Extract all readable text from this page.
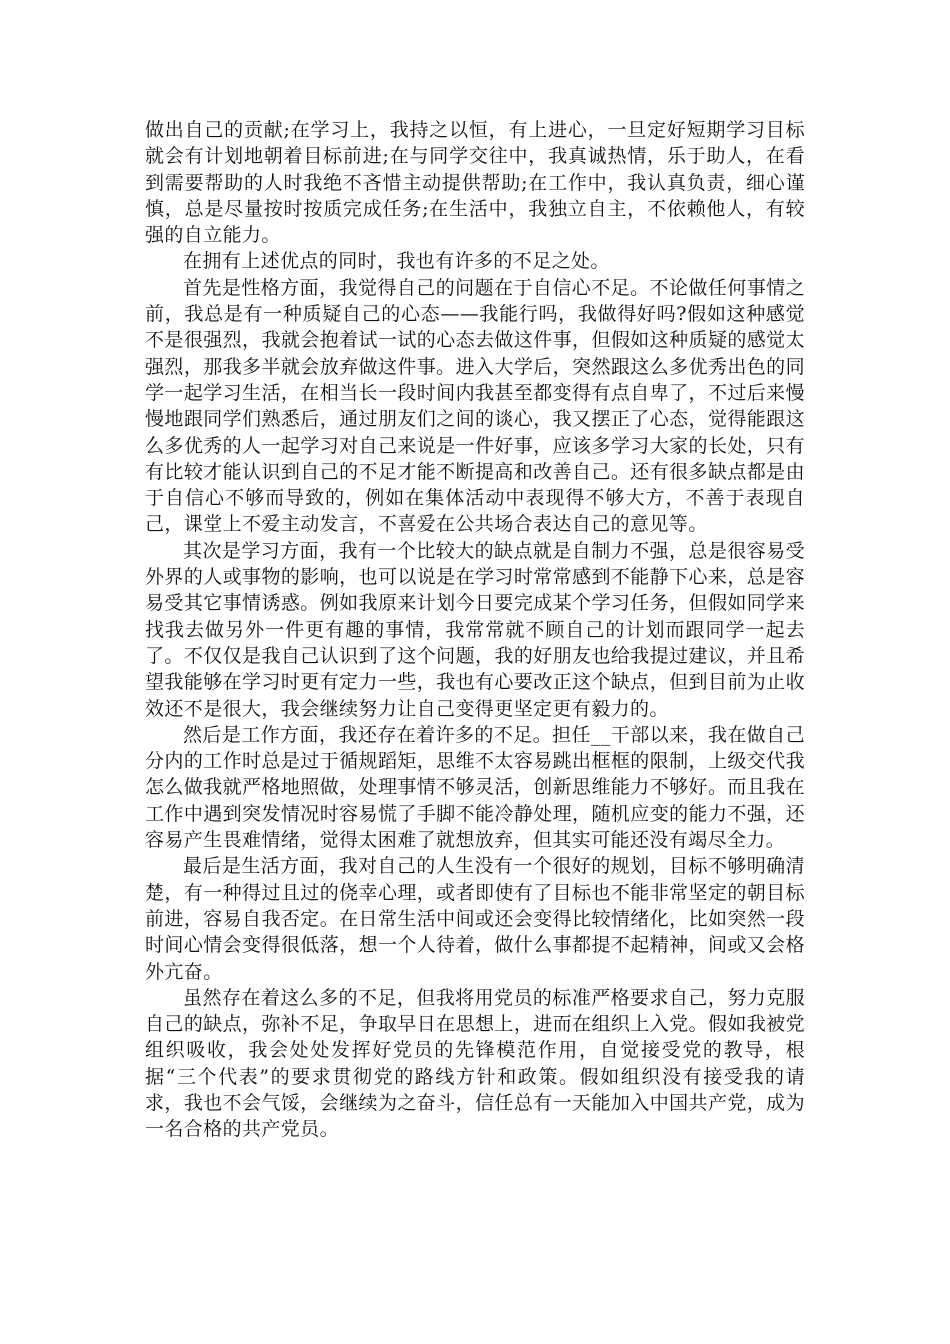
做出自己的贡献;在学习上，我持之以恒，有上进心，一旦定好短期学习目标就会有计划地朝着目标前进;在与同学交往中，我真诚热情，乐于助人，在看到需要帮助的人时我绝不吝惜主动提供帮助;在工作中，我认真负责，细心谨慎，总是尽量按时按质完成任务;在生活中，我独立自主，不依赖他人，有较强的自立能力。

在拥有上述优点的同时，我也有许多的不足之处。

首先是性格方面，我觉得自己的问题在于自信心不足。不论做任何事情之前，我总是有一种质疑自己的心态——我能行吗，我做得好吗?假如这种感觉不是很强烈，我就会抱着试一试的心态去做这件事，但假如这种质疑的感觉太强烈，那我多半就会放弃做这件事。进入大学后，突然跟这么多优秀出色的同学一起学习生活，在相当长一段时间内我甚至都变得有点自卑了，不过后来慢慢地跟同学们熟悉后，通过朋友们之间的谈心，我又摆正了心态，觉得能跟这么多优秀的人一起学习对自己来说是一件好事，应该多学习大家的长处，只有有比较才能认识到自己的不足才能不断提高和改善自己。还有很多缺点都是由于自信心不够而导致的，例如在集体活动中表现得不够大方，不善于表现自己，课堂上不爱主动发言，不喜爱在公共场合表达自己的意见等。

其次是学习方面，我有一个比较大的缺点就是自制力不强，总是很容易受外界的人或事物的影响，也可以说是在学习时常常感到不能静下心来，总是容易受其它事情诱惑。例如我原来计划今日要完成某个学习任务，但假如同学来找我去做另外一件更有趣的事情，我常常就不顾自己的计划而跟同学一起去了。不仅仅是我自己认识到了这个问题，我的好朋友也给我提过建议，并且希望我能够在学习时更有定力一些，我也有心要改正这个缺点，但到目前为止收效还不是很大，我会继续努力让自己变得更坚定更有毅力的。

然后是工作方面，我还存在着许多的不足。担任__干部以来，我在做自己分内的工作时总是过于循规蹈矩，思维不太容易跳出框框的限制，上级交代我怎么做我就严格地照做，处理事情不够灵活，创新思维能力不够好。而且我在工作中遇到突发情况时容易慌了手脚不能冷静处理，随机应变的能力不强，还容易产生畏难情绪，觉得太困难了就想放弃，但其实可能还没有竭尽全力。

最后是生活方面，我对自己的人生没有一个很好的规划，目标不够明确清楚，有一种得过且过的侥幸心理，或者即使有了目标也不能非常坚定的朝目标前进，容易自我否定。在日常生活中间或还会变得比较情绪化，比如突然一段时间心情会变得很低落，想一个人待着，做什么事都提不起精神，间或又会格外亢奋。

虽然存在着这么多的不足，但我将用党员的标准严格要求自己，努力克服自己的缺点，弥补不足，争取早日在思想上，进而在组织上入党。假如我被党组织吸收，我会处处发挥好党员的先锋模范作用，自觉接受党的教导，根据“三个代表”的要求贯彻党的路线方针和政策。假如组织没有接受我的请求，我也不会气馁，会继续为之奋斗，信任总有一天能加入中国共产党，成为一名合格的共产党员。
